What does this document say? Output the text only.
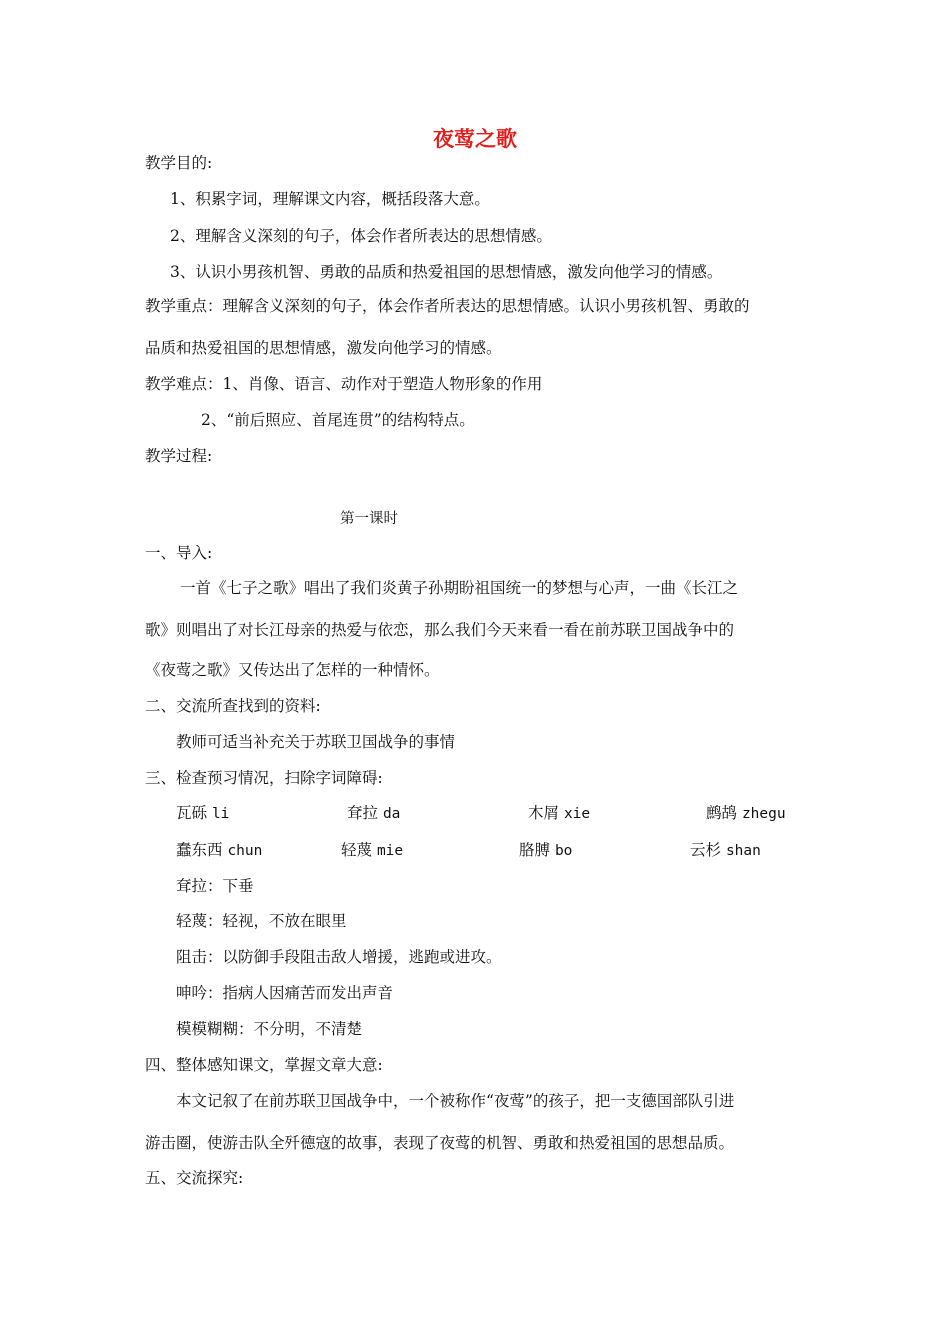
夜莺之歌
教学目的:
1、积累字词，理解课文内容，概括段落大意。
2、理解含义深刻的句子，体会作者所表达的思想情感。
3、认识小男孩机智、勇敢的品质和热爱祖国的思想情感，激发向他学习的情感。
教学重点：理解含义深刻的句子，体会作者所表达的思想情感。认识小男孩机智、勇敢的
品质和热爱祖国的思想情感，激发向他学习的情感。
教学难点：1、肖像、语言、动作对于塑造人物形象的作用
2、“前后照应、首尾连贯”的结构特点。
教学过程:
第一课时
一、导入:
一首《七子之歌》唱出了我们炎黄子孙期盼祖国统一的梦想与心声，一曲《长江之
歌》则唱出了对长江母亲的热爱与依恋，那么我们今天来看一看在前苏联卫国战争中的
《夜莺之歌》又传达出了怎样的一种情怀。
二、交流所查找到的资料:
教师可适当补充关于苏联卫国战争的事情
三、检查预习情况，扫除字词障碍:
瓦砾 li	耷拉 da	木屑 xie	鹧鸪 zhegu
蠢东西 chun	轻蔑 mie	胳膊 bo	云杉 shan
耷拉：下垂
轻蔑：轻视，不放在眼里
阻击：以防御手段阻击敌人增援，逃跑或进攻。
呻吟：指病人因痛苦而发出声音
模模糊糊：不分明，不清楚
四、整体感知课文，掌握文章大意:
本文记叙了在前苏联卫国战争中，一个被称作“夜莺”的孩子，把一支德国部队引进
游击圈，使游击队全歼德寇的故事，表现了夜莺的机智、勇敢和热爱祖国的思想品质。
五、交流探究:
